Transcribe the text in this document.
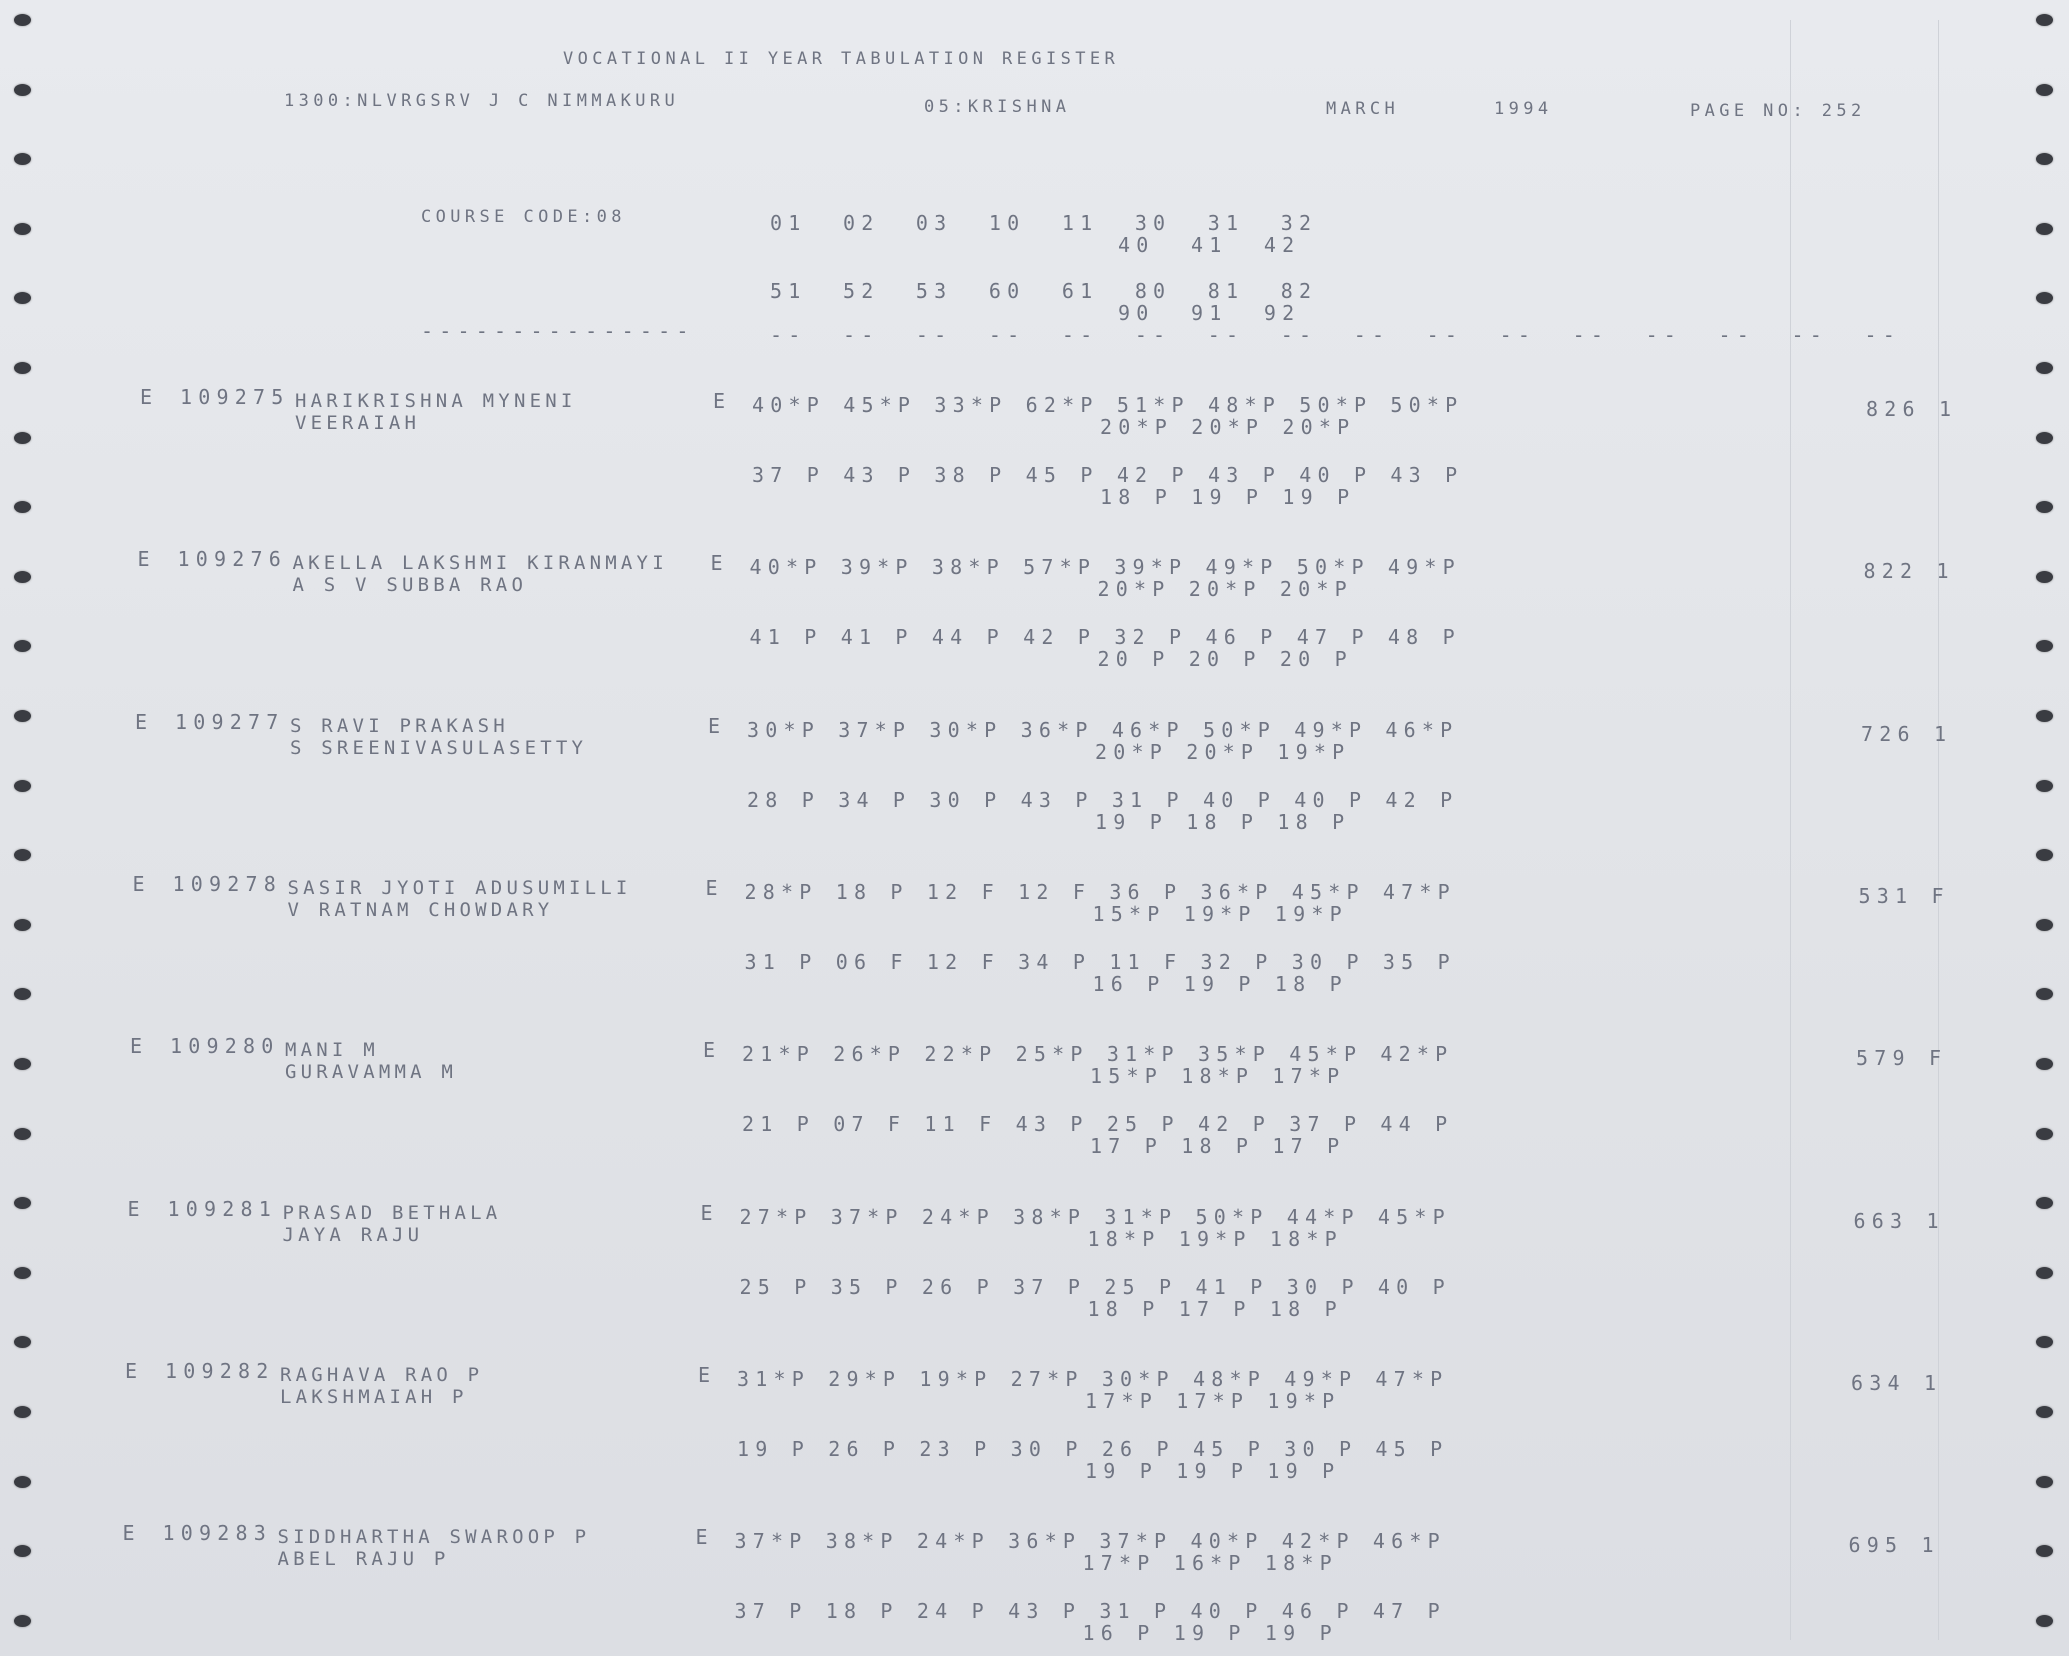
VOCATIONAL II YEAR TABULATION REGISTER
1300:NLVRGSRV J C NIMMAKURU	05:KRISHNA	MARCH	1994	PAGE NO: 252
COURSE CODE:08	01  02  03  10  11  30  31  32
40  41  42
51  52  53  60  61  80  81  82
90  91  92
---------------	--  --  --  --  --  --  --  --  --  --  --  --  --  --  --  --
E 109275 HARIKRISHNA MYNENI
VEERAIAH
E 40*P 45*P 33*P 62*P 51*P 48*P 50*P 50*P
20*P 20*P 20*P
37 P 43 P 38 P 45 P 42 P 43 P 40 P 43 P
18 P 19 P 19 P
826 1
E 109276 AKELLA LAKSHMI KIRANMAYI
A S V SUBBA RAO
E 40*P 39*P 38*P 57*P 39*P 49*P 50*P 49*P
20*P 20*P 20*P
41 P 41 P 44 P 42 P 32 P 46 P 47 P 48 P
20 P 20 P 20 P
822 1
E 109277 S RAVI PRAKASH
S SREENIVASULASETTY
E 30*P 37*P 30*P 36*P 46*P 50*P 49*P 46*P
20*P 20*P 19*P
28 P 34 P 30 P 43 P 31 P 40 P 40 P 42 P
19 P 18 P 18 P
726 1
E 109278 SASIR JYOTI ADUSUMILLI
V RATNAM CHOWDARY
E 28*P 18 P 12 F 12 F 36 P 36*P 45*P 47*P
15*P 19*P 19*P
31 P 06 F 12 F 34 P 11 F 32 P 30 P 35 P
16 P 19 P 18 P
531 F
E 109280 MANI M
GURAVAMMA M
E 21*P 26*P 22*P 25*P 31*P 35*P 45*P 42*P
15*P 18*P 17*P
21 P 07 F 11 F 43 P 25 P 42 P 37 P 44 P
17 P 18 P 17 P
579 F
E 109281 PRASAD BETHALA
JAYA RAJU
E 27*P 37*P 24*P 38*P 31*P 50*P 44*P 45*P
18*P 19*P 18*P
25 P 35 P 26 P 37 P 25 P 41 P 30 P 40 P
18 P 17 P 18 P
663 1
E 109282 RAGHAVA RAO P
LAKSHMAIAH P
E 31*P 29*P 19*P 27*P 30*P 48*P 49*P 47*P
17*P 17*P 19*P
19 P 26 P 23 P 30 P 26 P 45 P 30 P 45 P
19 P 19 P 19 P
634 1
E 109283 SIDDHARTHA SWAROOP P
ABEL RAJU P
E 37*P 38*P 24*P 36*P 37*P 40*P 42*P 46*P
17*P 16*P 18*P
37 P 18 P 24 P 43 P 31 P 40 P 46 P 47 P
16 P 19 P 19 P
695 1
